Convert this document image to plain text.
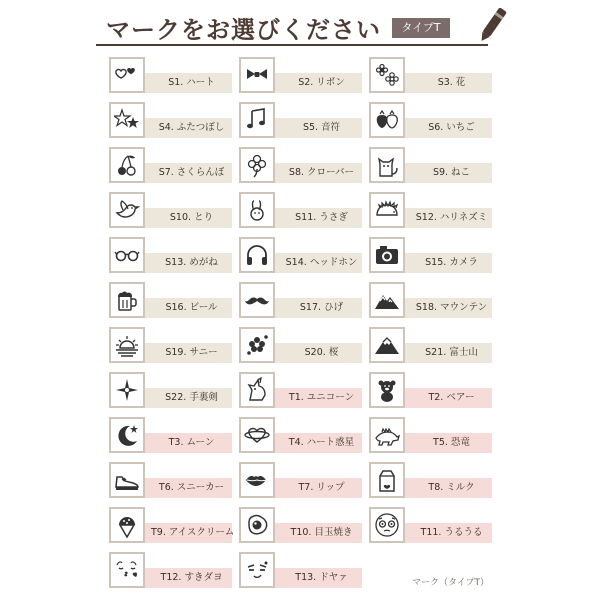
マークをお選びください	タイプT
S1. ハート	S2. リボン	S3. 花
S4. ふたつぼし	S5. 音符	S6. いちご
S7. さくらんぼ	S8. クローバー	S9. ねこ
S10. とり	S11. うさぎ	S12. ハリネズミ
S13. めがね	S14. ヘッドホン	S15. カメラ
S16. ビール	S17. ひげ	S18. マウンテン
S19. サニー	S20. 桜	S21. 富士山
S22. 手裏剣	T1. ユニコーン	T2. ベアー
T3. ムーン	T4. ハート惑星	T5. 恐竜
T6. スニーカー	T7. リップ	T8. ミルク
T9. アイスクリーム	T10. 目玉焼き	T11. うるうる
T12. すきダヨ	T13. ドヤァ	マーク（タイプT）
